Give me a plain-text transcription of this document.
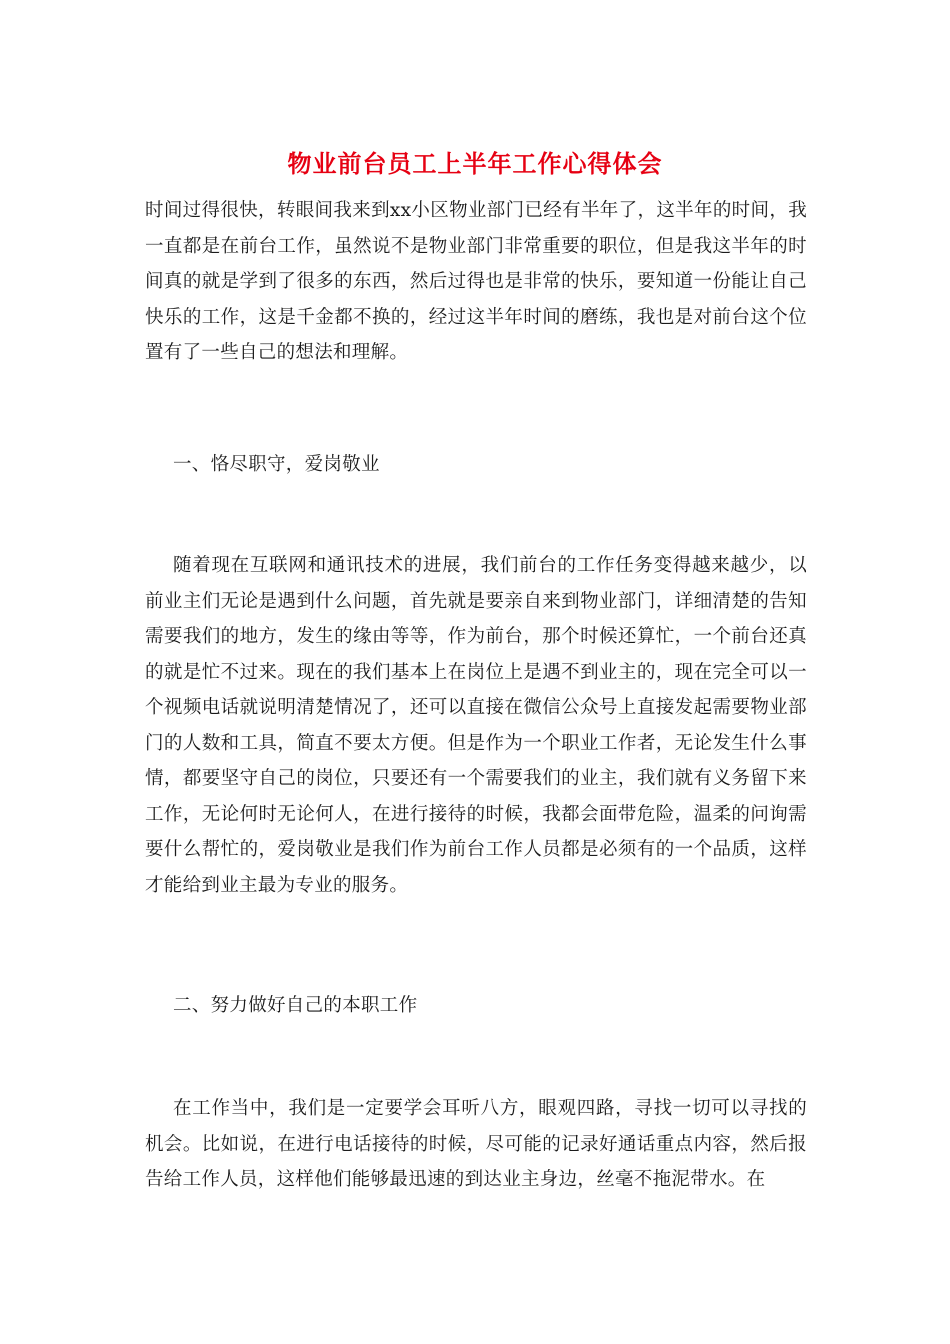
物业前台员工上半年工作心得体会

时间过得很快，转眼间我来到xx小区物业部门已经有半年了，这半年的时间，我一直都是在前台工作，虽然说不是物业部门非常重要的职位，但是我这半年的时间真的就是学到了很多的东西，然后过得也是非常的快乐，要知道一份能让自己快乐的工作，这是千金都不换的，经过这半年时间的磨练，我也是对前台这个位置有了一些自己的想法和理解。

一、恪尽职守，爱岗敬业

随着现在互联网和通讯技术的进展，我们前台的工作任务变得越来越少，以前业主们无论是遇到什么问题，首先就是要亲自来到物业部门，详细清楚的告知需要我们的地方，发生的缘由等等，作为前台，那个时候还算忙，一个前台还真的就是忙不过来。现在的我们基本上在岗位上是遇不到业主的，现在完全可以一个视频电话就说明清楚情况了，还可以直接在微信公众号上直接发起需要物业部门的人数和工具，简直不要太方便。但是作为一个职业工作者，无论发生什么事情，都要坚守自己的岗位，只要还有一个需要我们的业主，我们就有义务留下来工作，无论何时无论何人，在进行接待的时候，我都会面带危险，温柔的问询需要什么帮忙的，爱岗敬业是我们作为前台工作人员都是必须有的一个品质，这样才能给到业主最为专业的服务。

二、努力做好自己的本职工作

在工作当中，我们是一定要学会耳听八方，眼观四路，寻找一切可以寻找的机会。比如说，在进行电话接待的时候，尽可能的记录好通话重点内容，然后报告给工作人员，这样他们能够最迅速的到达业主身边，丝毫不拖泥带水。在
